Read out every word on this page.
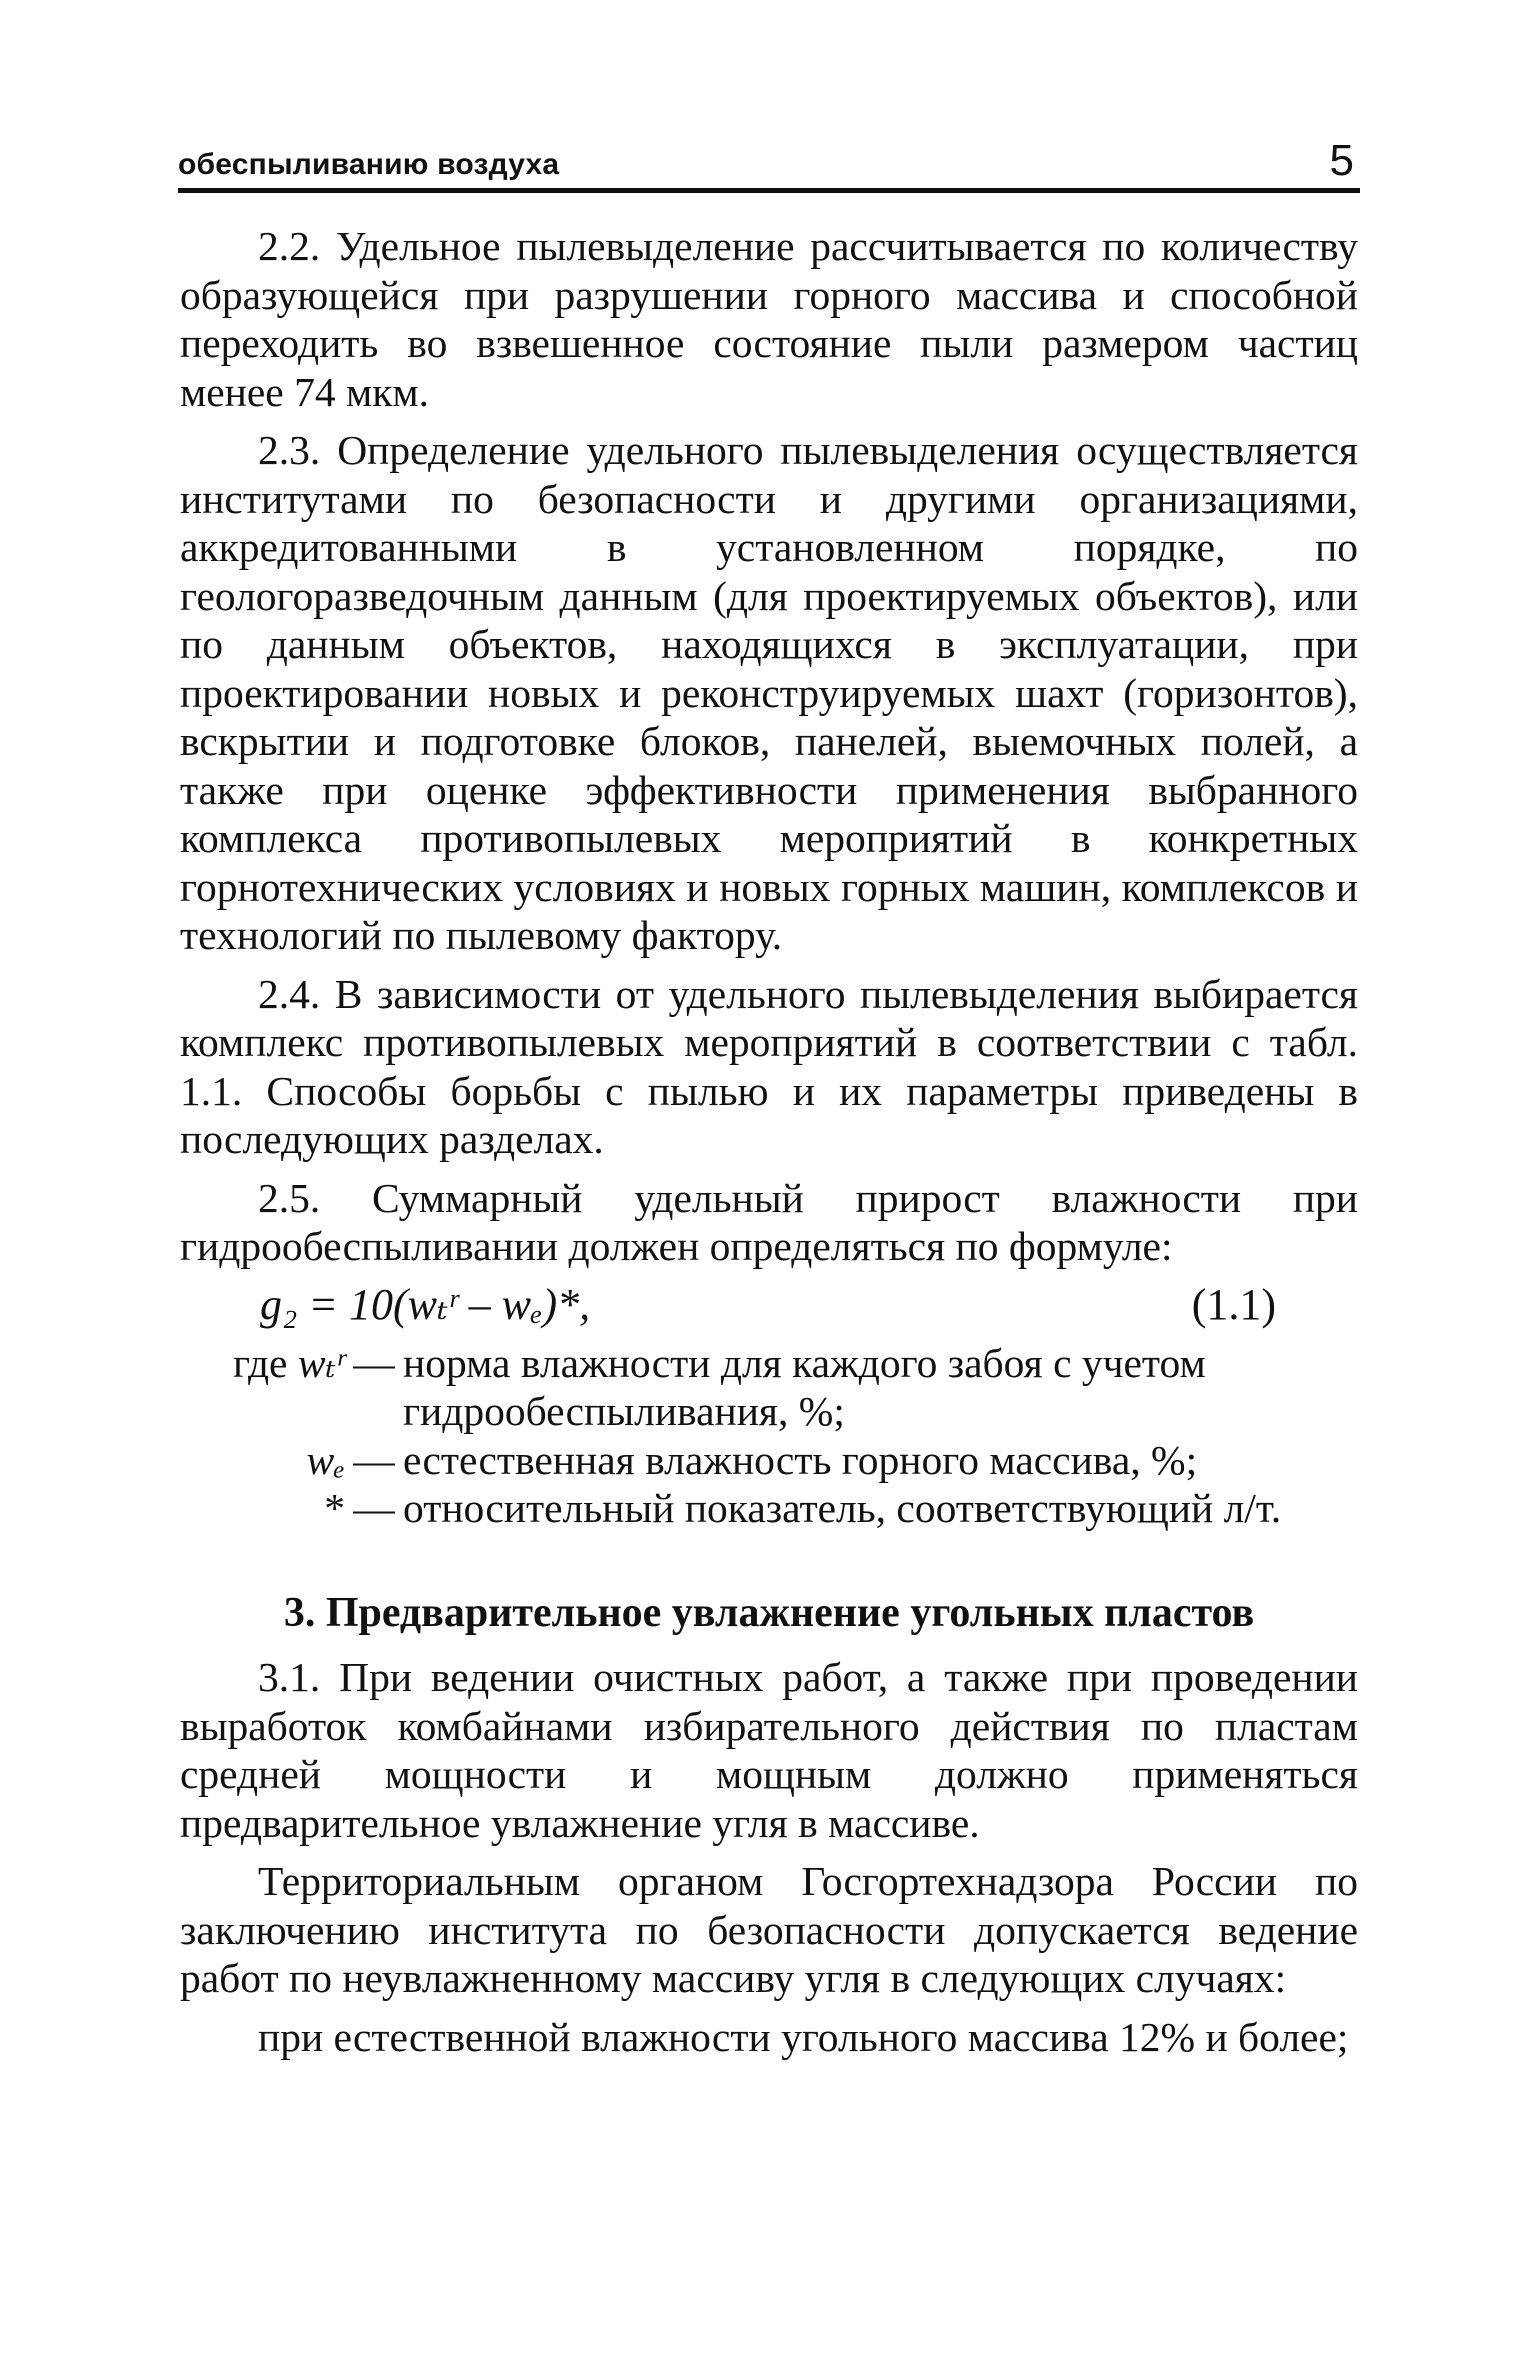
обеспыливанию воздуха	5

2.2. Удельное пылевыделение рассчитывается по количеству образующейся при разрушении горного массива и способной переходить во взвешенное состояние пыли размером частиц менее 74 мкм.

2.3. Определение удельного пылевыделения осуществляется институтами по безопасности и другими организациями, аккредитованными в установленном порядке, по геологоразведочным данным (для проектируемых объектов), или по данным объектов, находящихся в эксплуатации, при проектировании новых и реконструируемых шахт (горизонтов), вскрытии и подготовке блоков, панелей, выемочных полей, а также при оценке эффективности применения выбранного комплекса противопылевых мероприятий в конкретных горнотехнических условиях и новых горных машин, комплексов и технологий по пылевому фактору.

2.4. В зависимости от удельного пылевыделения выбирается комплекс противопылевых мероприятий в соответствии с табл. 1.1. Способы борьбы с пылью и их параметры приведены в последующих разделах.

2.5. Суммарный удельный прирост влажности при гидрообеспыливании должен определяться по формуле:

g₂ = 10(wₜʳ – wₑ)*,	(1.1)
где wₜʳ — норма влажности для каждого забоя с учетом гидрообеспыливания, %;
wₑ — естественная влажность горного массива, %;
* — относительный показатель, соответствующий л/т.
3. Предварительное увлажнение угольных пластов

3.1. При ведении очистных работ, а также при проведении выработок комбайнами избирательного действия по пластам средней мощности и мощным должно применяться предварительное увлажнение угля в массиве.

Территориальным органом Госгортехнадзора России по заключению института по безопасности допускается ведение работ по неувлажненному массиву угля в следующих случаях:

при естественной влажности угольного массива 12% и более;
